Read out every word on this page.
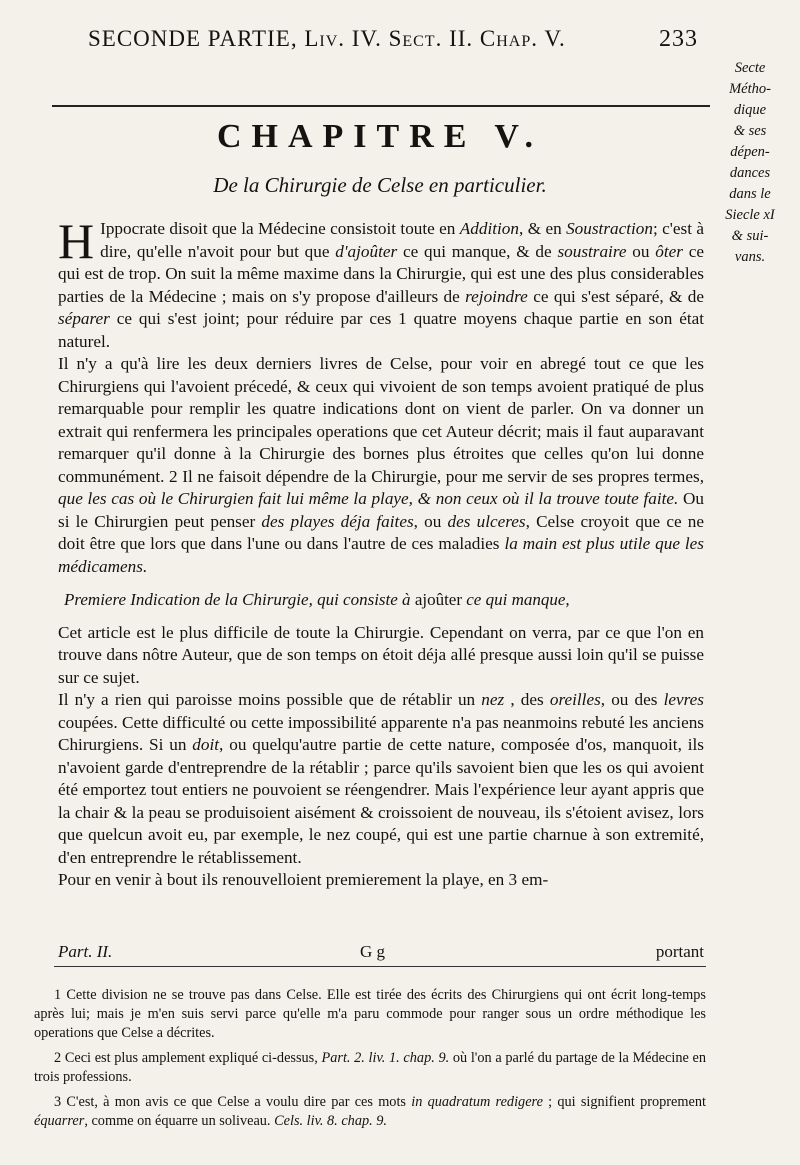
SECONDE PARTIE, Liv. IV. Sect. II. Chap. V.	233
Secte
Métho-
dique
& ses
dépen-
dances
dans le
Siecle xI
& sui-
vans.
CHAPITRE V.
De la Chirurgie de Celse en particulier.

H Ippocrate disoit que la Médecine consistoit toute en Addition, & en Soustraction; c'est à dire, qu'elle n'avoit pour but que d'ajoûter ce qui manque, & de soustraire ou ôter ce qui est de trop. On suit la même maxime dans la Chirurgie, qui est une des plus considerables parties de la Médecine ; mais on s'y propose d'ailleurs de rejoindre ce qui s'est séparé, & de séparer ce qui s'est joint; pour réduire par ces 1 quatre moyens chaque partie en son état naturel.

Il n'y a qu'à lire les deux derniers livres de Celse, pour voir en abregé tout ce que les Chirurgiens qui l'avoient précedé, & ceux qui vivoient de son temps avoient pratiqué de plus remarquable pour remplir les quatre indications dont on vient de parler. On va donner un extrait qui renfermera les principales operations que cet Auteur décrit; mais il faut auparavant remarquer qu'il donne à la Chirurgie des bornes plus étroites que celles qu'on lui donne communément. 2 Il ne faisoit dépendre de la Chirurgie, pour me servir de ses propres termes, que les cas où le Chirurgien fait lui même la playe, & non ceux où il la trouve toute faite. Ou si le Chirurgien peut penser des playes déja faites, ou des ulceres, Celse croyoit que ce ne doit être que lors que dans l'une ou dans l'autre de ces maladies la main est plus utile que les médicamens.

Premiere Indication de la Chirurgie, qui consiste à ajoûter ce qui manque,

Cet article est le plus difficile de toute la Chirurgie. Cependant on verra, par ce que l'on en trouve dans nôtre Auteur, que de son temps on étoit déja allé presque aussi loin qu'il se puisse sur ce sujet.

Il n'y a rien qui paroisse moins possible que de rétablir un nez , des oreilles, ou des levres coupées. Cette difficulté ou cette impossibilité apparente n'a pas neanmoins rebuté les anciens Chirurgiens. Si un doit, ou quelqu'autre partie de cette nature, composée d'os, manquoit, ils n'avoient garde d'entreprendre de la rétablir ; parce qu'ils savoient bien que les os qui avoient été emportez tout entiers ne pouvoient se réengendrer. Mais l'expérience leur ayant appris que la chair & la peau se produisoient aisément & croissoient de nouveau, ils s'étoient avisez, lors que quelcun avoit eu, par exemple, le nez coupé, qui est une partie charnue à son extremité, d'en entreprendre le rétablissement.

Pour en venir à bout ils renouvelloient premierement la playe, en 3 em-

Part. II.	G g	portant

1 Cette division ne se trouve pas dans Celse. Elle est tirée des écrits des Chirurgiens qui ont écrit long-temps après lui; mais je m'en suis servi parce qu'elle m'a paru commode pour ranger sous un ordre méthodique les operations que Celse a décrites.

2 Ceci est plus amplement expliqué ci-dessus, Part. 2. liv. 1. chap. 9. où l'on a parlé du partage de la Médecine en trois professions.

3 C'est, à mon avis ce que Celse a voulu dire par ces mots in quadratum redigere ; qui signifient proprement équarrer, comme on équarre un soliveau. Cels. liv. 8. chap. 9.
